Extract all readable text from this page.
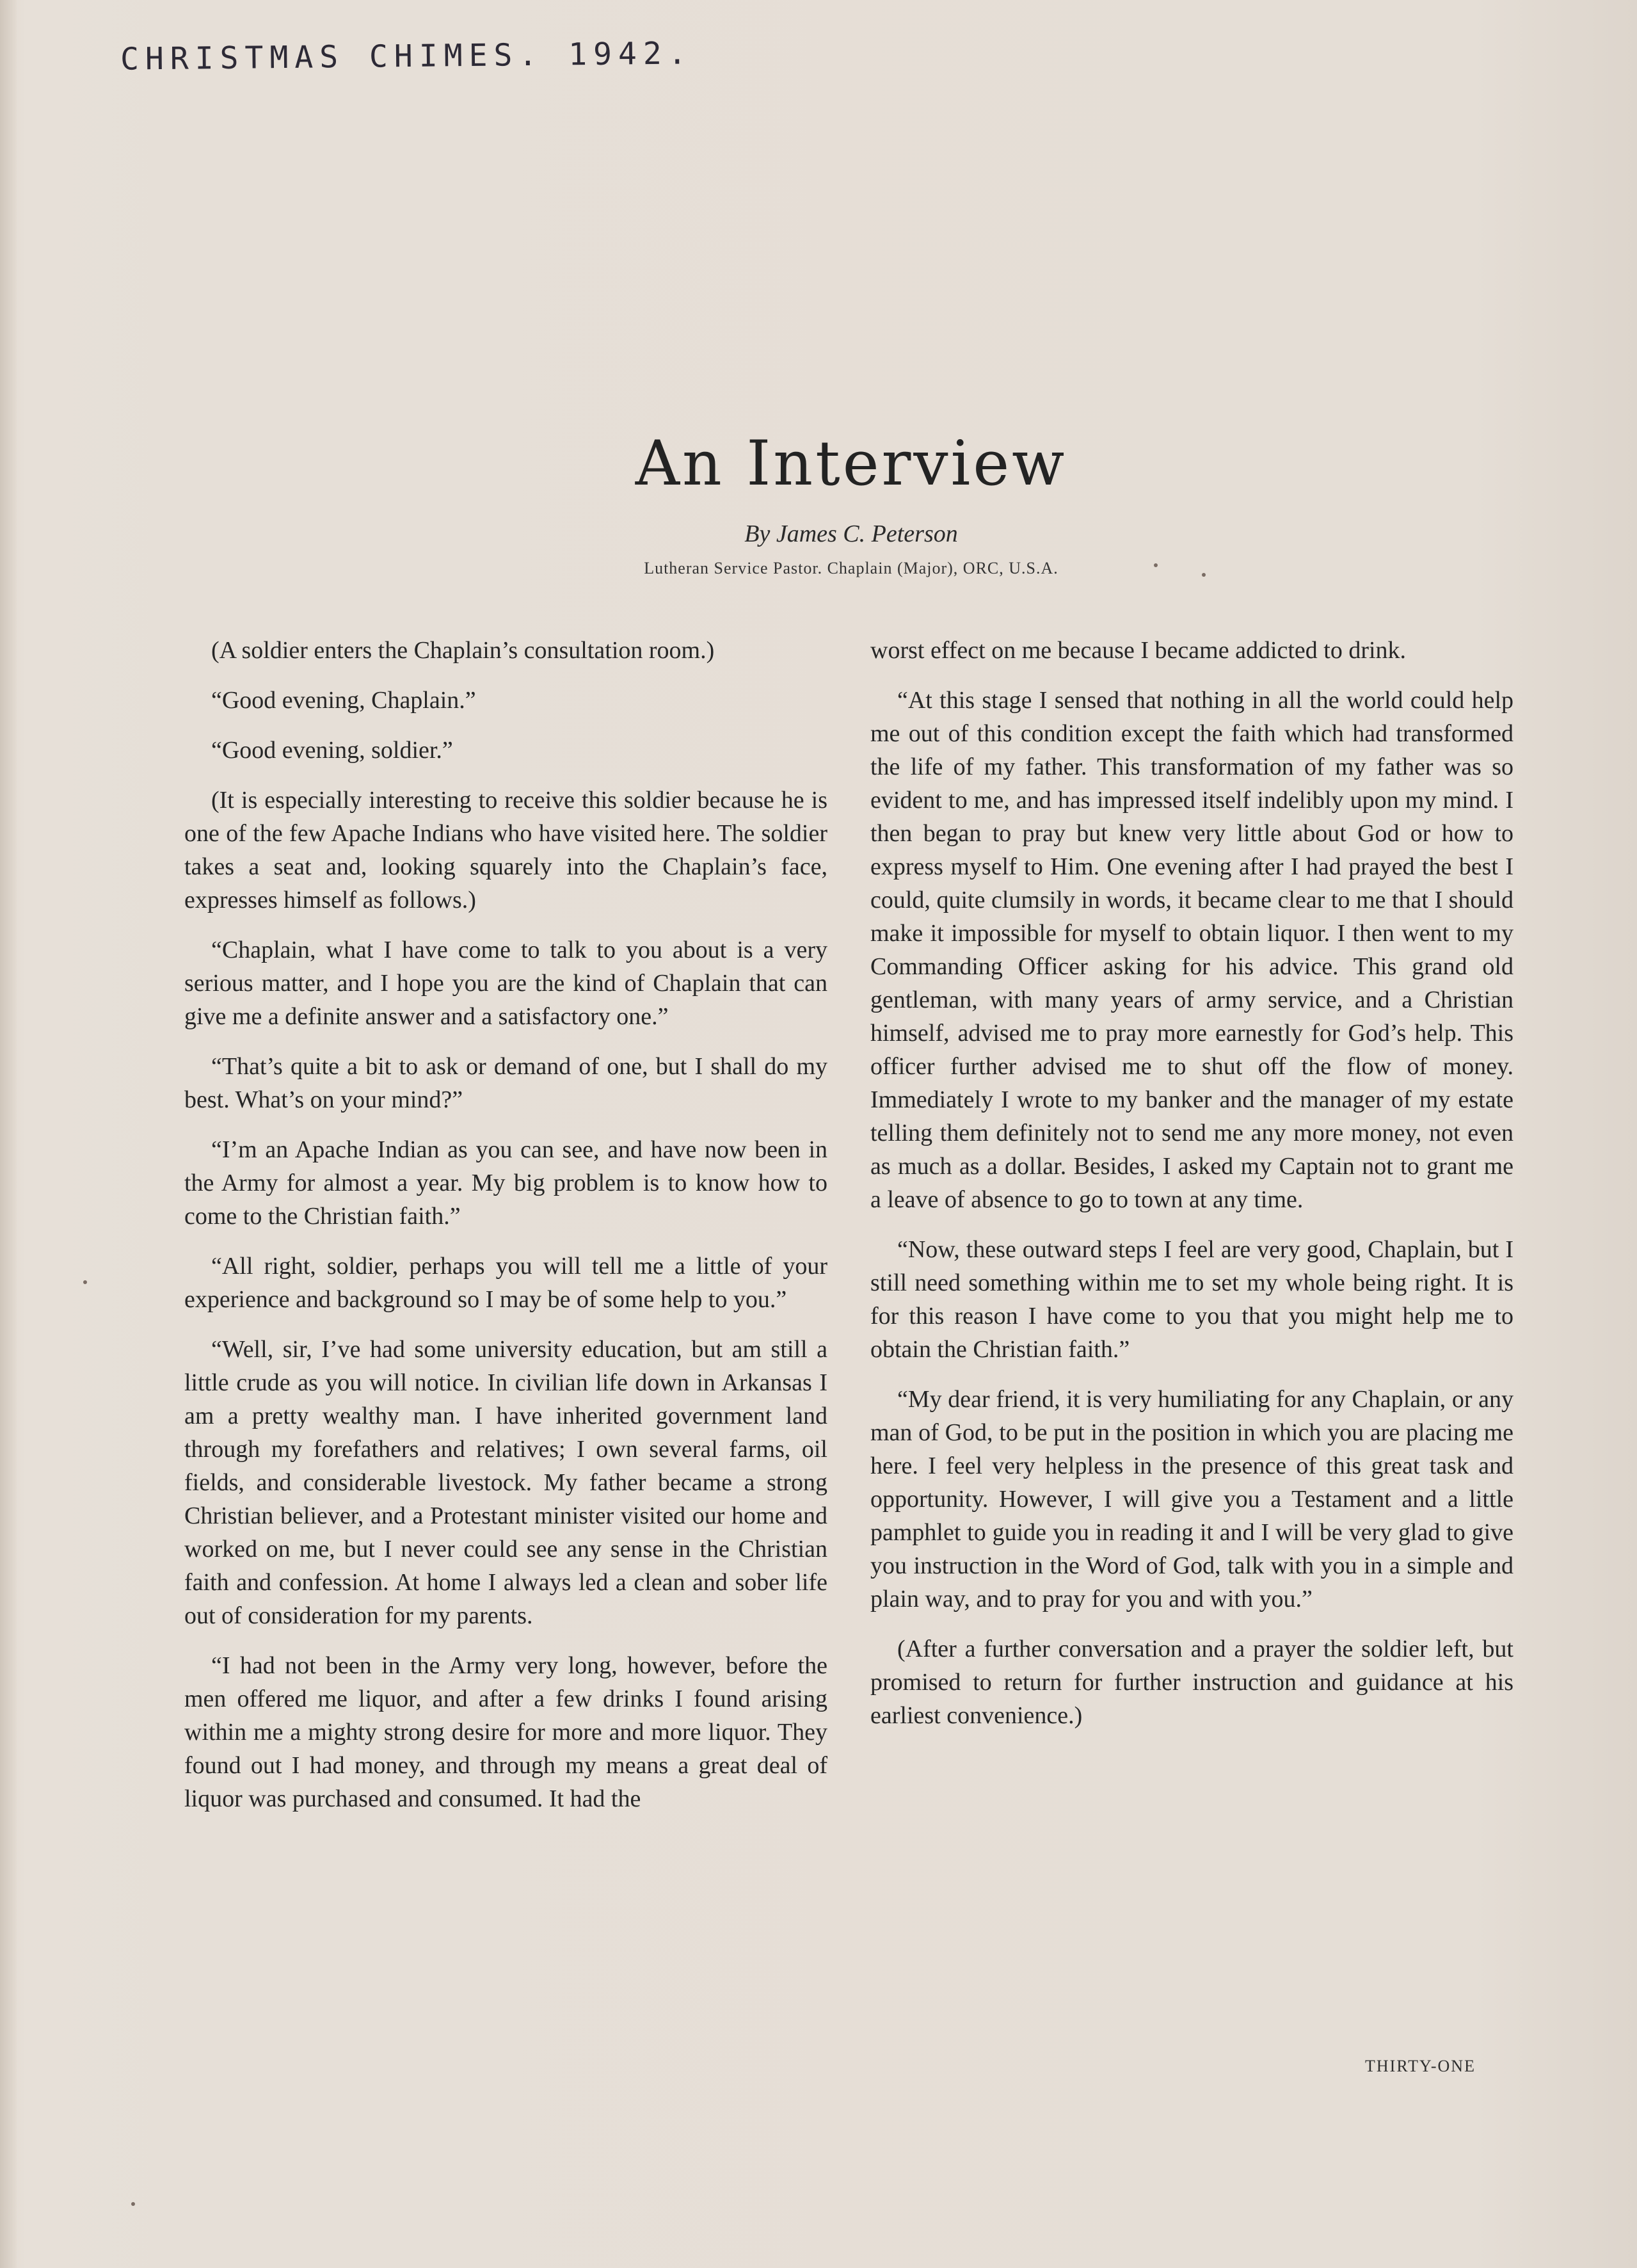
CHRISTMAS CHIMES. 1942.
An Interview
By James C. Peterson
Lutheran Service Pastor. Chaplain (Major), ORC, U.S.A.

(A soldier enters the Chaplain’s consultation room.)

“Good evening, Chaplain.”

“Good evening, soldier.”

(It is especially interesting to receive this soldier because he is one of the few Apache Indians who have visited here. The soldier takes a seat and, looking squarely into the Chaplain’s face, expresses himself as follows.)

“Chaplain, what I have come to talk to you about is a very serious matter, and I hope you are the kind of Chaplain that can give me a definite answer and a satisfactory one.”

“That’s quite a bit to ask or demand of one, but I shall do my best. What’s on your mind?”

“I’m an Apache Indian as you can see, and have now been in the Army for almost a year. My big problem is to know how to come to the Christian faith.”

“All right, soldier, perhaps you will tell me a little of your experience and background so I may be of some help to you.”

“Well, sir, I’ve had some university education, but am still a little crude as you will notice. In civilian life down in Arkansas I am a pretty wealthy man. I have inherited government land through my forefathers and relatives; I own several farms, oil fields, and considerable livestock. My father became a strong Christian believer, and a Protestant minister visited our home and worked on me, but I never could see any sense in the Christian faith and confession. At home I always led a clean and sober life out of consideration for my parents.

“I had not been in the Army very long, however, before the men offered me liquor, and after a few drinks I found arising within me a mighty strong desire for more and more liquor. They found out I had money, and through my means a great deal of liquor was purchased and consumed. It had the

worst effect on me because I became addicted to drink.

“At this stage I sensed that nothing in all the world could help me out of this condition except the faith which had transformed the life of my father. This transformation of my father was so evident to me, and has impressed itself indelibly upon my mind. I then began to pray but knew very little about God or how to express myself to Him. One evening after I had prayed the best I could, quite clumsily in words, it became clear to me that I should make it impossible for myself to obtain liquor. I then went to my Commanding Officer asking for his advice. This grand old gentleman, with many years of army service, and a Christian himself, advised me to pray more earnestly for God’s help. This officer further advised me to shut off the flow of money. Immediately I wrote to my banker and the manager of my estate telling them definitely not to send me any more money, not even as much as a dollar. Besides, I asked my Captain not to grant me a leave of absence to go to town at any time.

“Now, these outward steps I feel are very good, Chaplain, but I still need something within me to set my whole being right. It is for this reason I have come to you that you might help me to obtain the Christian faith.”

“My dear friend, it is very humiliating for any Chaplain, or any man of God, to be put in the position in which you are placing me here. I feel very helpless in the presence of this great task and opportunity. However, I will give you a Testament and a little pamphlet to guide you in reading it and I will be very glad to give you instruction in the Word of God, talk with you in a simple and plain way, and to pray for you and with you.”

(After a further conversation and a prayer the soldier left, but promised to return for further instruction and guidance at his earliest convenience.)

THIRTY-ONE
